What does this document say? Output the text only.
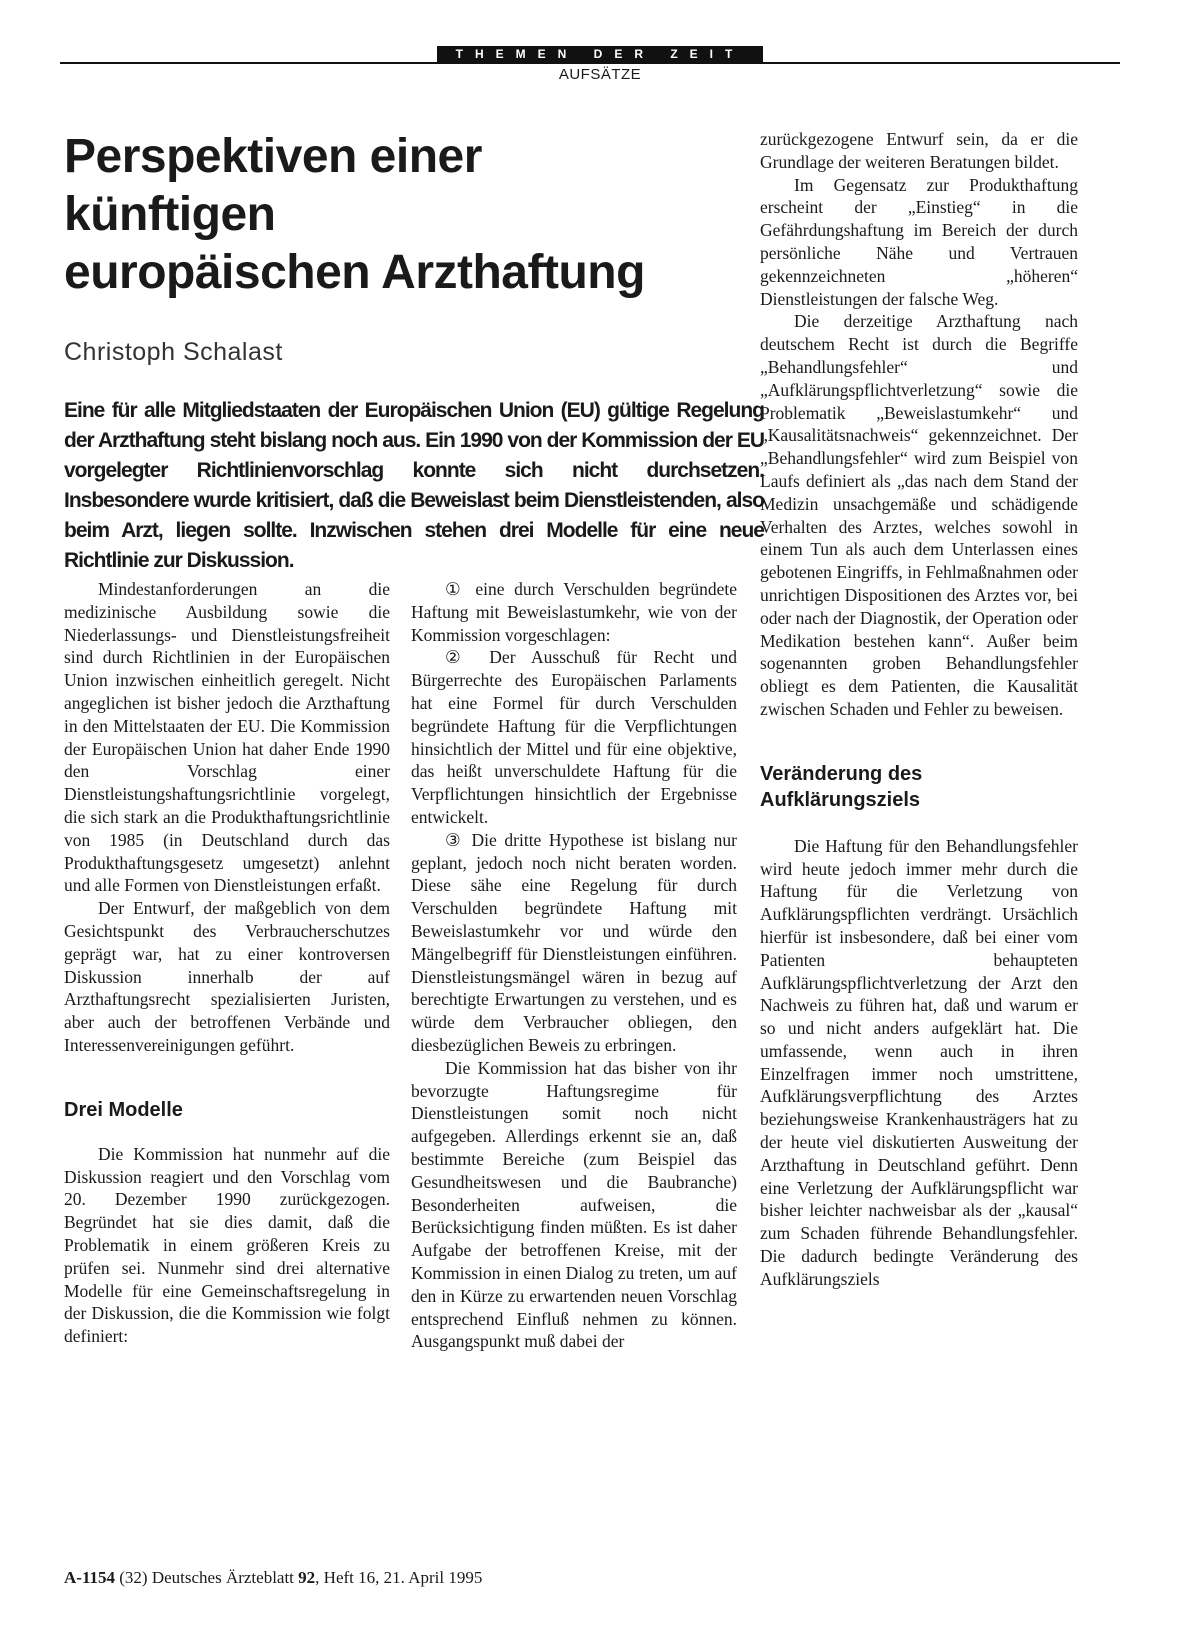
THEMEN DER ZEIT
AUFSÄTZE
Perspektiven einer
künftigen
europäischen Arzthaftung
Christoph Schalast

Eine für alle Mitgliedstaaten der Europäischen Union (EU) gültige Regelung der Arzthaftung steht bislang noch aus. Ein 1990 von der Kommission der EU vorgelegter Richtlinienvorschlag konnte sich nicht durchsetzen. Insbesondere wurde kritisiert, daß die Beweislast beim Dienstleistenden, also beim Arzt, liegen sollte. Inzwischen stehen drei Modelle für eine neue Richtlinie zur Diskussion.

Mindestanforderungen an die medizinische Ausbildung sowie die Niederlassungs- und Dienstleistungsfreiheit sind durch Richtlinien in der Europäischen Union inzwischen einheitlich geregelt. Nicht angeglichen ist bisher jedoch die Arzthaftung in den Mittelstaaten der EU. Die Kommission der Europäischen Union hat daher Ende 1990 den Vorschlag einer Dienstleistungshaftungsrichtlinie vorgelegt, die sich stark an die Produkthaftungsrichtlinie von 1985 (in Deutschland durch das Produkthaftungsgesetz umgesetzt) anlehnt und alle Formen von Dienstleistungen erfaßt.

Der Entwurf, der maßgeblich von dem Gesichtspunkt des Verbraucherschutzes geprägt war, hat zu einer kontroversen Diskussion innerhalb der auf Arzthaftungsrecht spezialisierten Juristen, aber auch der betroffenen Verbände und Interessenvereinigungen geführt.

Drei Modelle

Die Kommission hat nunmehr auf die Diskussion reagiert und den Vorschlag vom 20. Dezember 1990 zurückgezogen. Begründet hat sie dies damit, daß die Problematik in einem größeren Kreis zu prüfen sei. Nunmehr sind drei alternative Modelle für eine Gemeinschaftsregelung in der Diskussion, die die Kommission wie folgt definiert:

① eine durch Verschulden begründete Haftung mit Beweislastumkehr, wie von der Kommission vorgeschlagen:

② Der Ausschuß für Recht und Bürgerrechte des Europäischen Parlaments hat eine Formel für durch Verschulden begründete Haftung für die Verpflichtungen hinsichtlich der Mittel und für eine objektive, das heißt unverschuldete Haftung für die Verpflichtungen hinsichtlich der Ergebnisse entwickelt.

③ Die dritte Hypothese ist bislang nur geplant, jedoch noch nicht beraten worden. Diese sähe eine Regelung für durch Verschulden begründete Haftung mit Beweislastumkehr vor und würde den Mängelbegriff für Dienstleistungen einführen. Dienstleistungsmängel wären in bezug auf berechtigte Erwartungen zu verstehen, und es würde dem Verbraucher obliegen, den diesbezüglichen Beweis zu erbringen.

Die Kommission hat das bisher von ihr bevorzugte Haftungsregime für Dienstleistungen somit noch nicht aufgegeben. Allerdings erkennt sie an, daß bestimmte Bereiche (zum Beispiel das Gesundheitswesen und die Baubranche) Besonderheiten aufweisen, die Berücksichtigung finden müßten. Es ist daher Aufgabe der betroffenen Kreise, mit der Kommission in einen Dialog zu treten, um auf den in Kürze zu erwartenden neuen Vorschlag entsprechend Einfluß nehmen zu können. Ausgangspunkt muß dabei der

zurückgezogene Entwurf sein, da er die Grundlage der weiteren Beratungen bildet.

Im Gegensatz zur Produkthaftung erscheint der „Einstieg“ in die Gefährdungshaftung im Bereich der durch persönliche Nähe und Vertrauen gekennzeichneten „höheren“ Dienstleistungen der falsche Weg.

Die derzeitige Arzthaftung nach deutschem Recht ist durch die Begriffe „Behandlungsfehler“ und „Aufklärungspflichtverletzung“ sowie die Problematik „Beweislastumkehr“ und „Kausalitätsnachweis“ gekennzeichnet. Der „Behandlungsfehler“ wird zum Beispiel von Laufs definiert als „das nach dem Stand der Medizin unsachgemäße und schädigende Verhalten des Arztes, welches sowohl in einem Tun als auch dem Unterlassen eines gebotenen Eingriffs, in Fehlmaßnahmen oder unrichtigen Dispositionen des Arztes vor, bei oder nach der Diagnostik, der Operation oder Medikation bestehen kann“. Außer beim sogenannten groben Behandlungsfehler obliegt es dem Patienten, die Kausalität zwischen Schaden und Fehler zu beweisen.

Veränderung des
Aufklärungsziels

Die Haftung für den Behandlungsfehler wird heute jedoch immer mehr durch die Haftung für die Verletzung von Aufklärungspflichten verdrängt. Ursächlich hierfür ist insbesondere, daß bei einer vom Patienten behaupteten Aufklärungspflichtverletzung der Arzt den Nachweis zu führen hat, daß und warum er so und nicht anders aufgeklärt hat. Die umfassende, wenn auch in ihren Einzelfragen immer noch umstrittene, Aufklärungsverpflichtung des Arztes beziehungsweise Krankenhausträgers hat zu der heute viel diskutierten Ausweitung der Arzthaftung in Deutschland geführt. Denn eine Verletzung der Aufklärungspflicht war bisher leichter nachweisbar als der „kausal“ zum Schaden führende Behandlungsfehler. Die dadurch bedingte Veränderung des Aufklärungsziels

A-1154 (32) Deutsches Ärzteblatt 92, Heft 16, 21. April 1995
